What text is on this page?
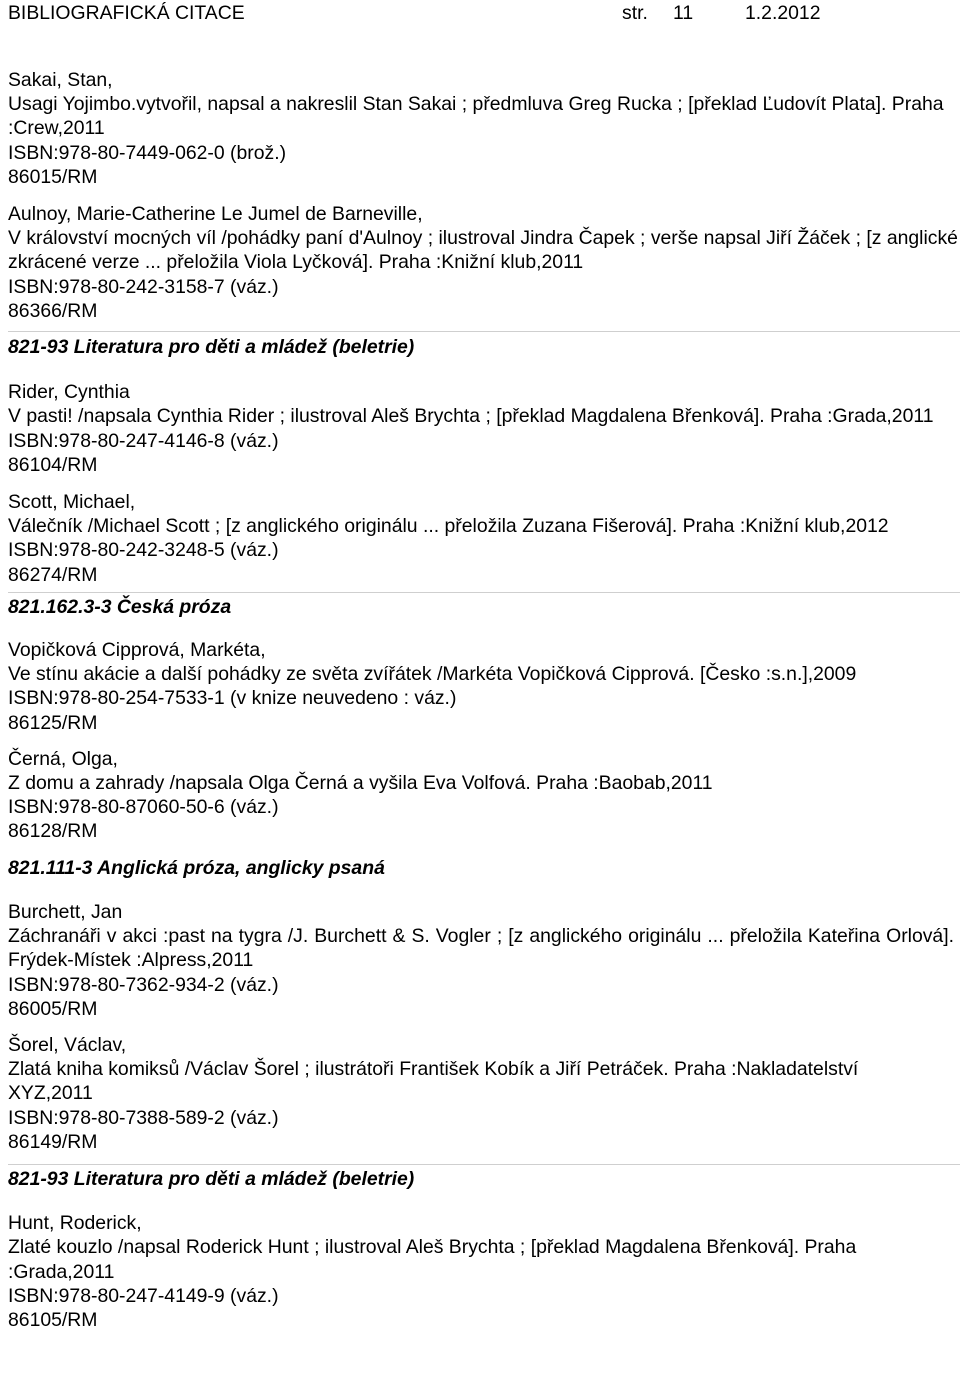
BIBLIOGRAFICKÁ CITACE	str. 11	1.2.2012
Sakai, Stan,
Usagi Yojimbo.vytvořil, napsal a nakreslil Stan Sakai ; předmluva Greg Rucka ; [překlad Ľudovít Plata]. Praha :Crew,2011
ISBN:978-80-7449-062-0 (brož.)
86015/RM
Aulnoy, Marie-Catherine Le Jumel de Barneville,
V království mocných víl /pohádky paní d'Aulnoy ; ilustroval Jindra Čapek ; verše napsal Jiří Žáček ; [z anglické zkrácené verze ... přeložila Viola Lyčková]. Praha :Knižní klub,2011
ISBN:978-80-242-3158-7 (váz.)
86366/RM
821-93 Literatura pro děti a mládež (beletrie)
Rider, Cynthia
V pasti! /napsala Cynthia Rider ; ilustroval Aleš Brychta ; [překlad Magdalena Břenková]. Praha :Grada,2011
ISBN:978-80-247-4146-8 (váz.)
86104/RM
Scott, Michael,
Válečník /Michael Scott ; [z anglického originálu ... přeložila Zuzana Fišerová]. Praha :Knižní klub,2012
ISBN:978-80-242-3248-5 (váz.)
86274/RM
821.162.3-3 Česká próza
Vopičková Cipprová, Markéta,
Ve stínu akácie a další pohádky ze světa zvířátek /Markéta Vopičková Cipprová. [Česko :s.n.],2009
ISBN:978-80-254-7533-1 (v knize neuvedeno : váz.)
86125/RM
Černá, Olga,
Z domu a zahrady /napsala Olga Černá a vyšila Eva Volfová. Praha :Baobab,2011
ISBN:978-80-87060-50-6 (váz.)
86128/RM
821.111-3 Anglická próza, anglicky psaná
Burchett, Jan
Záchranáři v akci :past na tygra /J. Burchett & S. Vogler ; [z anglického originálu ... přeložila Kateřina Orlová]. Frýdek-Místek :Alpress,2011
ISBN:978-80-7362-934-2 (váz.)
86005/RM
Šorel, Václav,
Zlatá kniha komiksů /Václav Šorel ; ilustrátoři František Kobík a Jiří Petráček. Praha :Nakladatelství XYZ,2011
ISBN:978-80-7388-589-2 (váz.)
86149/RM
821-93 Literatura pro děti a mládež (beletrie)
Hunt, Roderick,
Zlaté kouzlo /napsal Roderick Hunt ; ilustroval Aleš Brychta ; [překlad Magdalena Břenková]. Praha :Grada,2011
ISBN:978-80-247-4149-9 (váz.)
86105/RM
